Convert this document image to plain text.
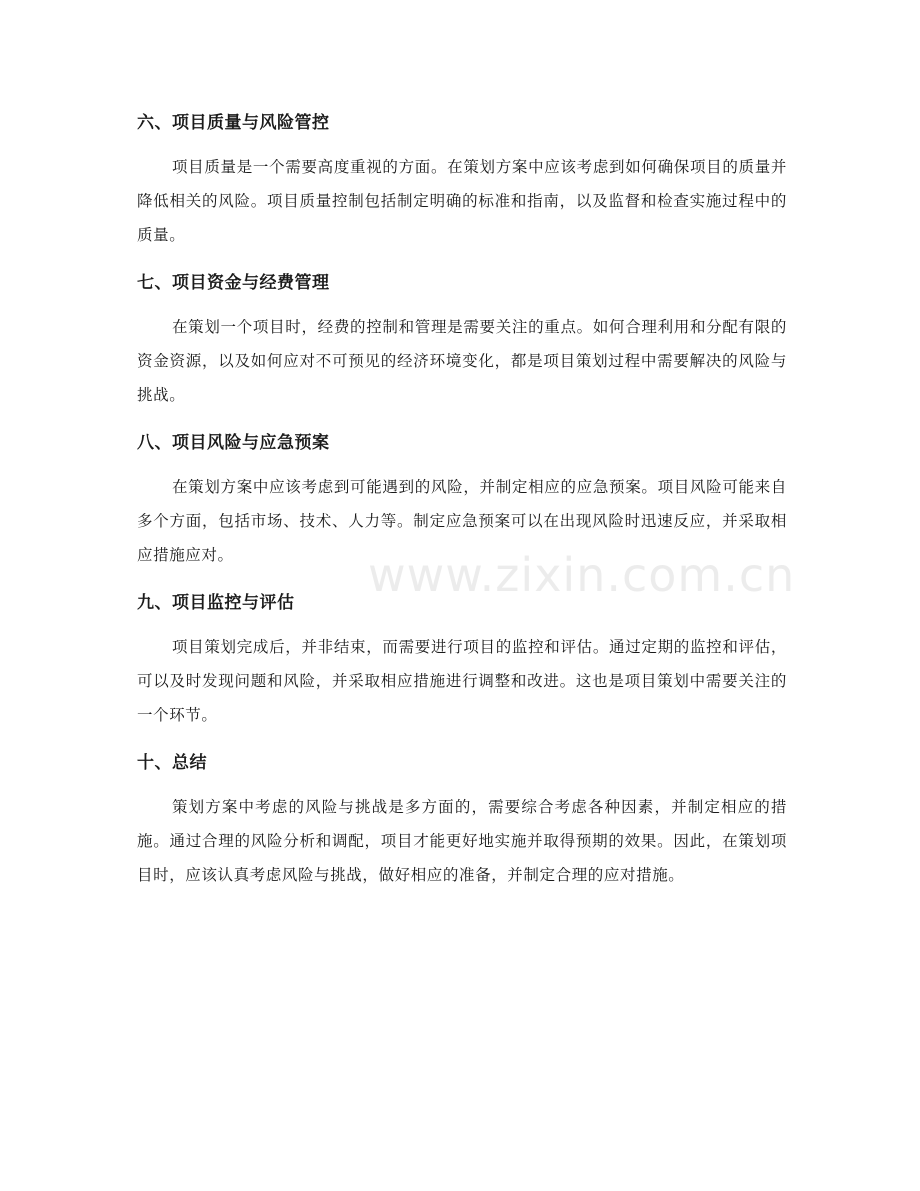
六、项目质量与风险管控

项目质量是一个需要高度重视的方面。在策划方案中应该考虑到如何确保项目的质量并降低相关的风险。项目质量控制包括制定明确的标准和指南，以及监督和检查实施过程中的质量。

七、项目资金与经费管理

在策划一个项目时，经费的控制和管理是需要关注的重点。如何合理利用和分配有限的资金资源，以及如何应对不可预见的经济环境变化，都是项目策划过程中需要解决的风险与挑战。

八、项目风险与应急预案

在策划方案中应该考虑到可能遇到的风险，并制定相应的应急预案。项目风险可能来自多个方面，包括市场、技术、人力等。制定应急预案可以在出现风险时迅速反应，并采取相应措施应对。

九、项目监控与评估

项目策划完成后，并非结束，而需要进行项目的监控和评估。通过定期的监控和评估，可以及时发现问题和风险，并采取相应措施进行调整和改进。这也是项目策划中需要关注的一个环节。

十、总结

策划方案中考虑的风险与挑战是多方面的，需要综合考虑各种因素，并制定相应的措施。通过合理的风险分析和调配，项目才能更好地实施并取得预期的效果。因此，在策划项目时，应该认真考虑风险与挑战，做好相应的准备，并制定合理的应对措施。

www.zixin.com.cn
